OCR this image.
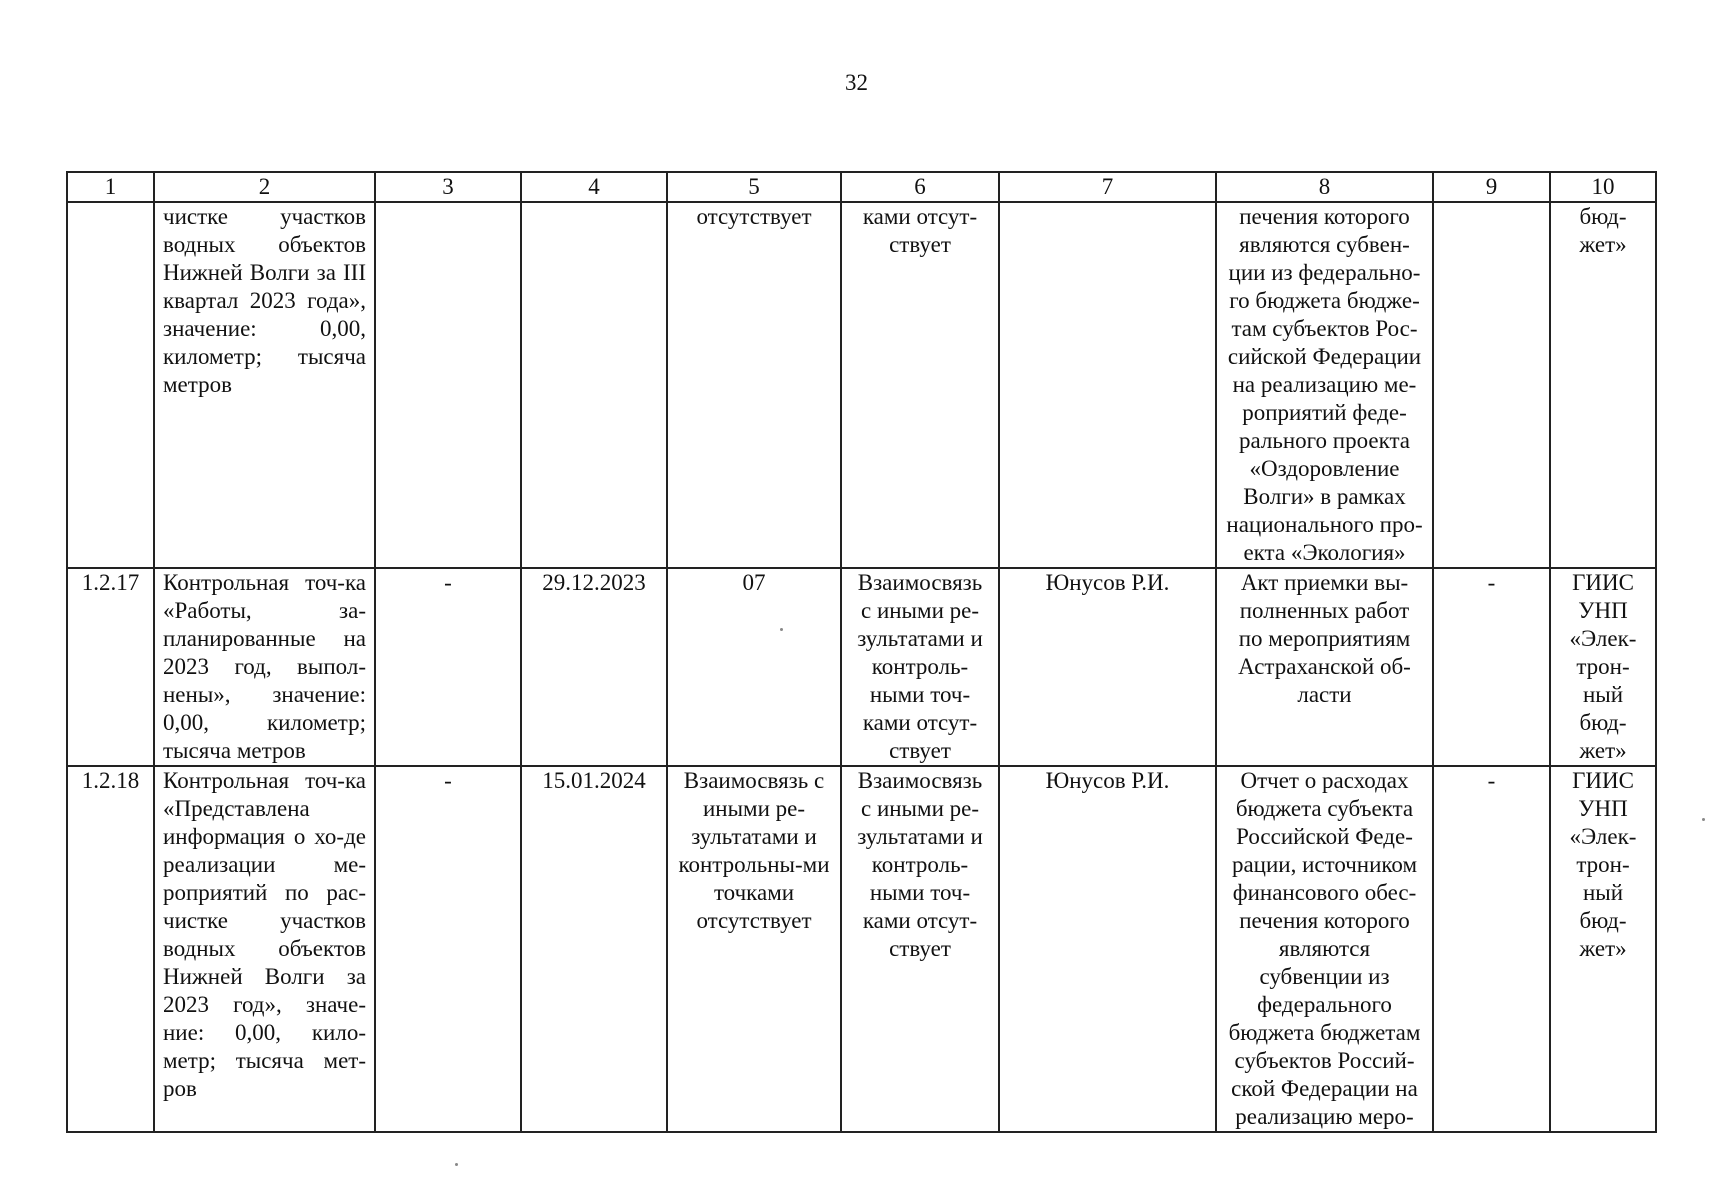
32
1	2	3	4	5	6	7	8	9	10
	чистке участков водных объектов Нижней Волги за III квартал 2023 года», значение: 0,00, километр; тысяча метров			отсутствует	ками отсут-ствует		печения которого являются субвен-ции из федерально-го бюджета бюдже-там субъектов Рос-сийской Федерации на реализацию ме-роприятий феде-рального проекта «Оздоровление Волги» в рамках национального про-екта «Экология»		бюд-жет»
1.2.17	Контрольная точ-ка «Работы, за-планированные на 2023 год, выпол-нены», значение: 0,00, километр; тысяча метров	-	29.12.2023	07	Взаимосвязь с иными ре-зультатами и контроль-ными точ-ками отсут-ствует	Юнусов Р.И.	Акт приемки вы-полненных работ по мероприятиям Астраханской об-ласти	-	ГИИС УНП «Элек-трон-ный бюд-жет»
1.2.18	Контрольная точ-ка «Представлена информация о хо-де реализации ме-роприятий по рас-чистке участков водных объектов Нижней Волги за 2023 год», значе-ние: 0,00, кило-метр; тысяча мет-ров	-	15.01.2024	Взаимосвязь с иными ре-зультатами и контрольны-ми точками отсутствует	Взаимосвязь с иными ре-зультатами и контроль-ными точ-ками отсут-ствует	Юнусов Р.И.	Отчет о расходах бюджета субъекта Российской Феде-рации, источником финансового обес-печения которого являются субвенции из федерального бюджета бюджетам субъектов Россий-ской Федерации на реализацию меро-	-	ГИИС УНП «Элек-трон-ный бюд-жет»
